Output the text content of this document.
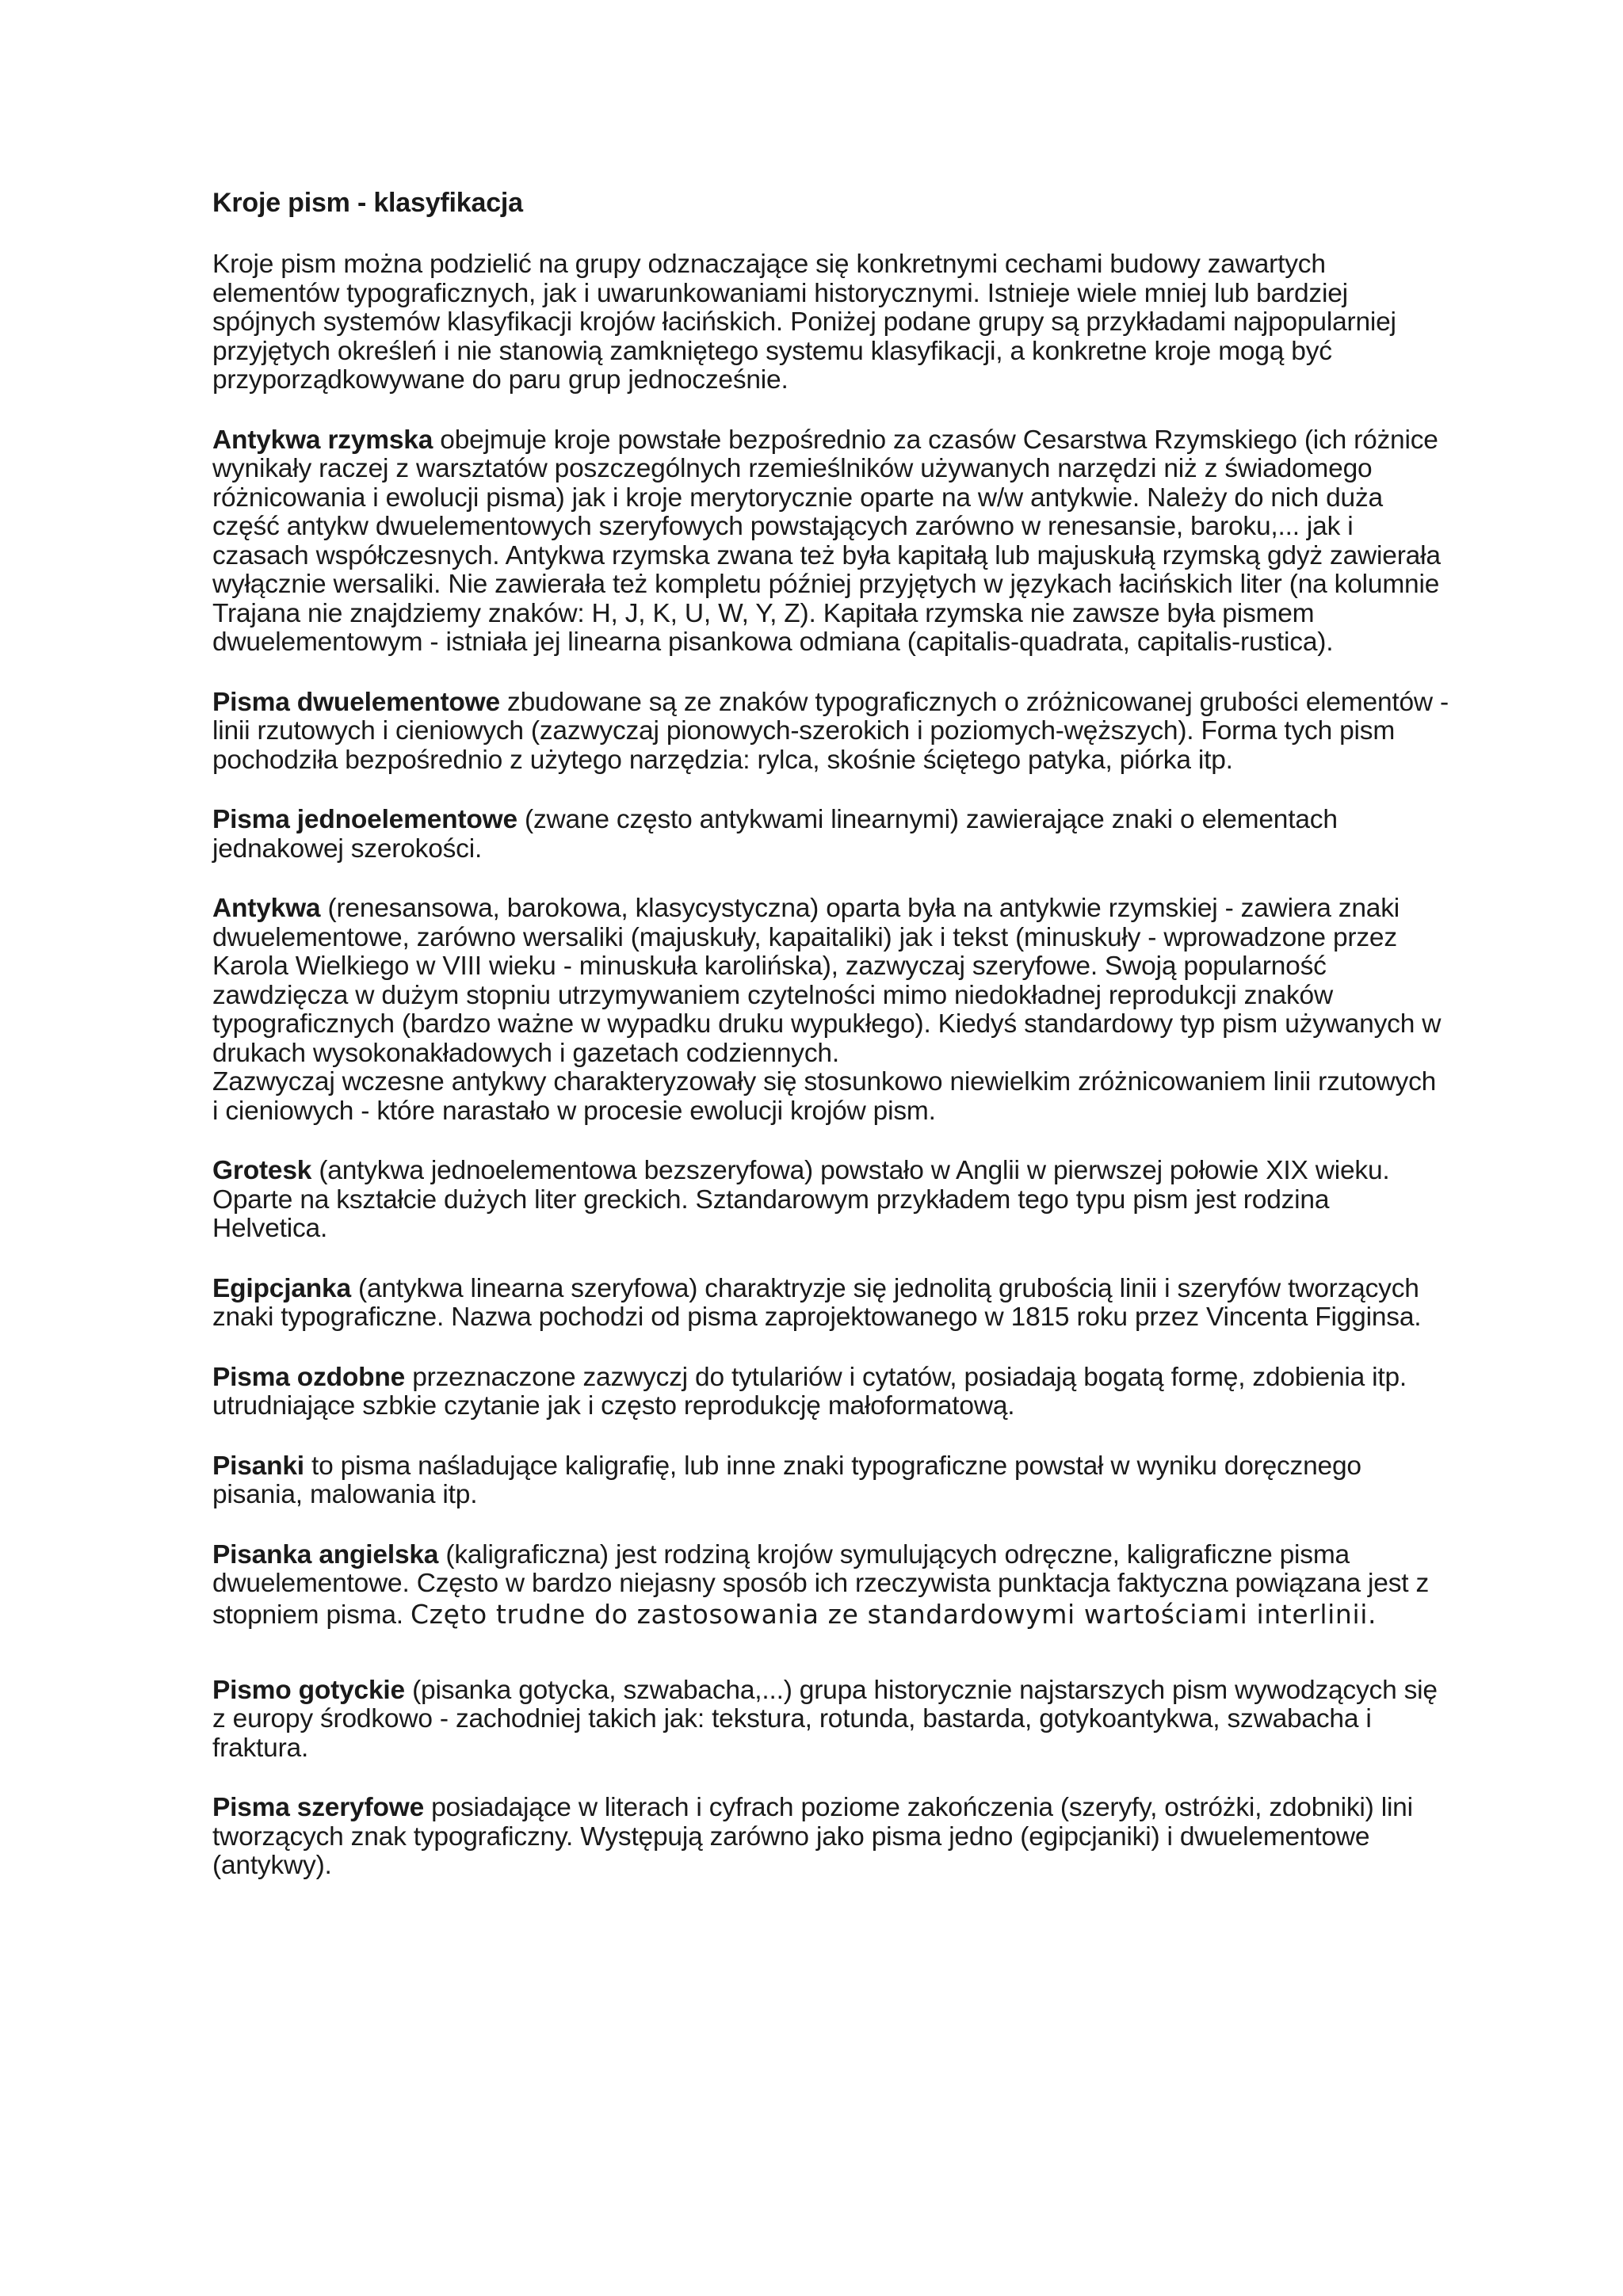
Kroje pism - klasyfikacja

Kroje pism można podzielić na grupy odznaczające się konkretnymi cechami budowy zawartych elementów typograficznych, jak i uwarunkowaniami historycznymi. Istnieje wiele mniej lub bardziej spójnych systemów klasyfikacji krojów łacińskich. Poniżej podane grupy są przykładami najpopularniej przyjętych określeń i nie stanowią zamkniętego systemu klasyfikacji, a konkretne kroje mogą być przyporządkowywane do paru grup jednocześnie.

Antykwa rzymska obejmuje kroje powstałe bezpośrednio za czasów Cesarstwa Rzymskiego (ich różnice wynikały raczej z warsztatów poszczególnych rzemieślników używanych narzędzi niż z świadomego różnicowania i ewolucji pisma) jak i kroje merytorycznie oparte na w/w antykwie. Należy do nich duża część antykw dwuelementowych szeryfowych powstających zarówno w renesansie, baroku,... jak i czasach współczesnych. Antykwa rzymska zwana też była kapitałą lub majuskułą rzymską gdyż zawierała wyłącznie wersaliki. Nie zawierała też kompletu później przyjętych w językach łacińskich liter (na kolumnie Trajana nie znajdziemy znaków: H, J, K, U, W, Y, Z). Kapitała rzymska nie zawsze była pismem dwuelementowym - istniała jej linearna pisankowa odmiana (capitalis-quadrata, capitalis-rustica).

Pisma dwuelementowe zbudowane są ze znaków typograficznych o zróżnicowanej grubości elementów - linii rzutowych i cieniowych (zazwyczaj pionowych-szerokich i poziomych-węższych). Forma tych pism pochodziła bezpośrednio z użytego narzędzia: rylca, skośnie ściętego patyka, piórka itp.

Pisma jednoelementowe (zwane często antykwami linearnymi) zawierające znaki o elementach jednakowej szerokości.

Antykwa (renesansowa, barokowa, klasycystyczna) oparta była na antykwie rzymskiej - zawiera znaki dwuelementowe, zarówno wersaliki (majuskuły, kapaitaliki) jak i tekst (minuskuły - wprowadzone przez Karola Wielkiego w VIII wieku - minuskuła karolińska), zazwyczaj szeryfowe. Swoją popularność zawdzięcza w dużym stopniu utrzymywaniem czytelności mimo niedokładnej reprodukcji znaków typograficznych (bardzo ważne w wypadku druku wypukłego). Kiedyś standardowy typ pism używanych w drukach wysokonakładowych i gazetach codziennych.
Zazwyczaj wczesne antykwy charakteryzowały się stosunkowo niewielkim zróżnicowaniem linii rzutowych i cieniowych - które narastało w procesie ewolucji krojów pism.

Grotesk (antykwa jednoelementowa bezszeryfowa) powstało w Anglii w pierwszej połowie XIX wieku. Oparte na kształcie dużych liter greckich. Sztandarowym przykładem tego typu pism jest rodzina Helvetica.

Egipcjanka (antykwa linearna szeryfowa) charaktryzje się jednolitą grubością linii i szeryfów tworzących znaki typograficzne. Nazwa pochodzi od pisma zaprojektowanego w 1815 roku przez Vincenta Figginsa.

Pisma ozdobne przeznaczone zazwyczj do tytulariów i cytatów, posiadają bogatą formę, zdobienia itp. utrudniające szbkie czytanie jak i często reprodukcję małoformatową.

Pisanki to pisma naśladujące kaligrafię, lub inne znaki typograficzne powstał w wyniku doręcznego pisania, malowania itp.

Pisanka angielska (kaligraficzna) jest rodziną krojów symulujących odręczne, kaligraficzne pisma dwuelementowe. Często w bardzo niejasny sposób ich rzeczywista punktacja faktyczna powiązana jest z stopniem pisma. Częto trudne do zastosowania ze standardowymi wartościami interlinii.

Pismo gotyckie (pisanka gotycka, szwabacha,...) grupa historycznie najstarszych pism wywodzących się z europy środkowo - zachodniej takich jak: tekstura, rotunda, bastarda, gotykoantykwa, szwabacha i fraktura.

Pisma szeryfowe posiadające w literach i cyfrach poziome zakończenia (szeryfy, ostróżki, zdobniki) lini tworzących znak typograficzny. Występują zarówno jako pisma jedno (egipcjaniki) i dwuelementowe (antykwy).
